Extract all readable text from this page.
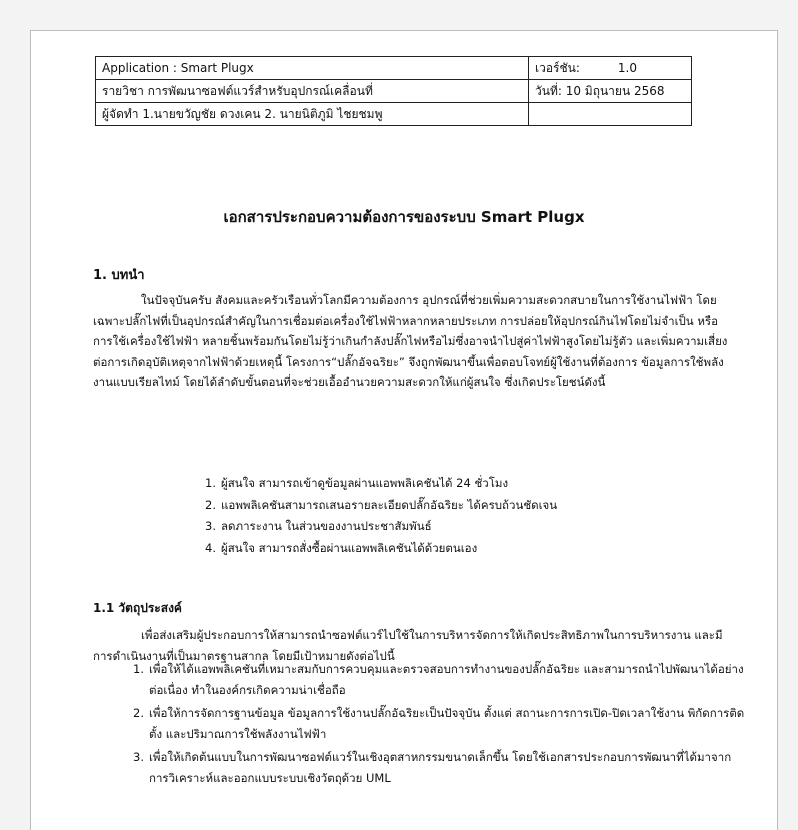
Application : Smart Plugx	เวอร์ชัน: 1.0
รายวิชา การพัฒนาซอฟต์แวร์สำหรับอุปกรณ์เคลื่อนที่	วันที่: 10 มิถุนายน 2568
ผู้จัดทำ 1.นายขวัญชัย ดวงเคน 2. นายนิติภูมิ ไชยชมพู	
เอกสารประกอบความต้องการของระบบ Smart Plugx
1. บทนำ

ในปัจจุบันครับ สังคมและครัวเรือนทั่วโลกมีความต้องการ อุปกรณ์ที่ช่วยเพิ่มความสะดวกสบายในการใช้งานไฟฟ้า โดยเฉพาะปลั๊กไฟที่เป็นอุปกรณ์สำคัญในการเชื่อมต่อเครื่องใช้ไฟฟ้าหลากหลายประเภท การปล่อยให้อุปกรณ์กินไฟโดยไม่จำเป็น หรือการใช้เครื่องใช้ไฟฟ้า หลายชิ้นพร้อมกันโดยไม่รู้ว่าเกินกำลังปลั๊กไฟหรือไม่ซึ่งอาจนำไปสู่ค่าไฟฟ้าสูงโดยไม่รู้ตัว และเพิ่มความเสี่ยงต่อการเกิดอุบัติเหตุจากไฟฟ้าด้วยเหตุนี้ โครงการ“ปลั๊กอัจฉริยะ” จึงถูกพัฒนาขึ้นเพื่อตอบโจทย์ผู้ใช้งานที่ต้องการ ข้อมูลการใช้พลังงานแบบเรียลไทม์ โดยได้ลำดับขั้นตอนที่จะช่วยเอื้ออำนวยความสะดวกให้แก่ผู้สนใจ ซึ่งเกิดประโยชน์ดังนี้

1. ผู้สนใจ สามารถเข้าดูข้อมูลผ่านแอพพลิเคชันได้ 24 ชั่วโมง
2. แอพพลิเคชันสามารถเสนอรายละเอียดปลั๊กอัฉริยะ ได้ครบถ้วนชัดเจน
3. ลดภาระงาน ในส่วนของงานประชาสัมพันธ์
4. ผู้สนใจ สามารถสั่งซื้อผ่านแอพพลิเคชันได้ด้วยตนเอง
1.1 วัตถุประสงค์

เพื่อส่งเสริมผู้ประกอบการให้สามารถนำซอฟต์แวร์ไปใช้ในการบริหารจัดการให้เกิดประสิทธิภาพในการบริหารงาน และมีการดำเนินงานที่เป็นมาตรฐานสากล โดยมีเป้าหมายดังต่อไปนี้

1. เพื่อให้ได้แอพพลิเคชันที่เหมาะสมกับการควบคุมและตรวจสอบการทำงานของปลั๊กอัฉริยะ และสามารถนำไปพัฒนาได้อย่างต่อเนื่อง ทำในองค์กรเกิดความน่าเชื่อถือ
2. เพื่อให้การจัดการฐานข้อมูล ข้อมูลการใช้งานปลั๊กอัฉริยะเป็นปัจจุบัน ตั้งแต่ สถานะการการเปิด-ปิดเวลาใช้งาน พิกัดการติดตั้ง และปริมาณการใช้พลังงานไฟฟ้า
3. เพื่อให้เกิดต้นแบบในการพัฒนาซอฟต์แวร์ในเชิงอุตสาหกรรมขนาดเล็กขึ้น โดยใช้เอกสารประกอบการพัฒนาที่ได้มาจากการวิเคราะห์และออกแบบระบบเชิงวัตถุด้วย UML
